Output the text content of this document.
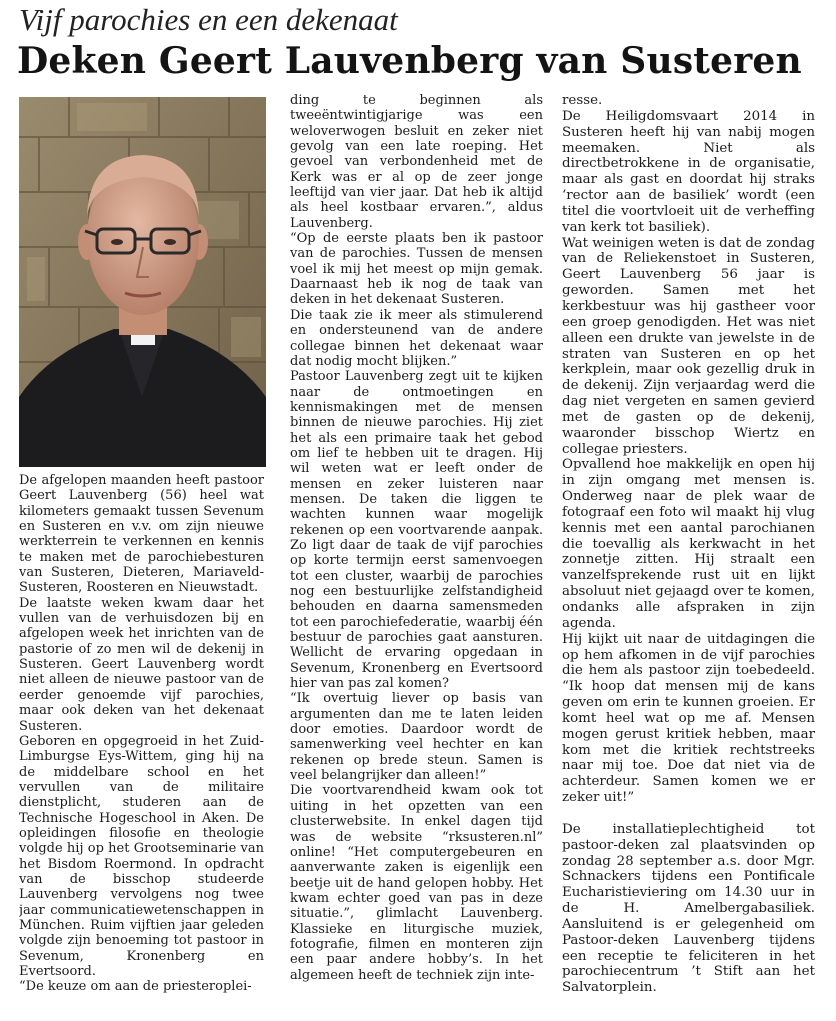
Vijf parochies en een dekenaat
Deken Geert Lauvenberg van Susteren

De afgelopen maanden heeft pastoor Geert Lauvenberg (56) heel wat kilometers gemaakt tussen Sevenum en Susteren en v.v. om zijn nieuwe werkterrein te verkennen en kennis te maken met de parochiebesturen van Susteren, Dieteren, Mariaveld-Susteren, Roosteren en Nieuwstadt.

De laatste weken kwam daar het vullen van de verhuisdozen bij en afgelopen week het inrichten van de pastorie of zo men wil de dekenij in Susteren. Geert Lauvenberg wordt niet alleen de nieuwe pastoor van de eerder genoemde vijf parochies, maar ook deken van het dekenaat Susteren.

Geboren en opgegroeid in het Zuid-Limburgse Eys-Wittem, ging hij na de middelbare school en het vervullen van de militaire dienstplicht, studeren aan de Technische Hogeschool in Aken. De opleidingen filosofie en theologie volgde hij op het Grootseminarie van het Bisdom Roermond. In opdracht van de bisschop studeerde Lauvenberg vervolgens nog twee jaar communicatiewetenschappen in München. Ruim vijftien jaar geleden volgde zijn benoeming tot pastoor in Sevenum, Kronenberg en Evertsoord.

“De keuze om aan de priesteroplei-

ding te beginnen als tweeëntwintigjarige was een weloverwogen besluit en zeker niet gevolg van een late roeping. Het gevoel van verbondenheid met de Kerk was er al op de zeer jonge leeftijd van vier jaar. Dat heb ik altijd als heel kostbaar ervaren.”, aldus Lauvenberg.

“Op de eerste plaats ben ik pastoor van de parochies. Tussen de mensen voel ik mij het meest op mijn gemak. Daarnaast heb ik nog de taak van deken in het dekenaat Susteren.

Die taak zie ik meer als stimulerend en ondersteunend van de andere collegae binnen het dekenaat waar dat nodig mocht blijken.”

Pastoor Lauvenberg zegt uit te kijken naar de ontmoetingen en kennismakingen met de mensen binnen de nieuwe parochies. Hij ziet het als een primaire taak het gebod om lief te hebben uit te dragen. Hij wil weten wat er leeft onder de mensen en zeker luisteren naar mensen. De taken die liggen te wachten kunnen waar mogelijk rekenen op een voortvarende aanpak. Zo ligt daar de taak de vijf parochies op korte termijn eerst samenvoegen tot een cluster, waarbij de parochies nog een bestuurlijke zelfstandigheid behouden en daarna samensmeden tot een parochiefederatie, waarbij één bestuur de parochies gaat aansturen. Wellicht de ervaring opgedaan in Sevenum, Kronenberg en Evertsoord hier van pas zal komen?

“Ik overtuig liever op basis van argumenten dan me te laten leiden door emoties. Daardoor wordt de samenwerking veel hechter en kan rekenen op brede steun. Samen is veel belangrijker dan alleen!”

Die voortvarendheid kwam ook tot uiting in het opzetten van een clusterwebsite. In enkel dagen tijd was de website “rksusteren.nl” online! “Het computergebeuren en aanverwante zaken is eigenlijk een beetje uit de hand gelopen hobby. Het kwam echter goed van pas in deze situatie.”, glimlacht Lauvenberg. Klassieke en liturgische muziek, fotografie, filmen en monteren zijn een paar andere hobby’s. In het algemeen heeft de techniek zijn inte-

resse.

De Heiligdomsvaart 2014 in Susteren heeft hij van nabij mogen meemaken. Niet als directbetrokkene in de organisatie, maar als gast en doordat hij straks ‘rector aan de basiliek’ wordt (een titel die voortvloeit uit de verheffing van kerk tot basiliek).

Wat weinigen weten is dat de zondag van de Reliekenstoet in Susteren, Geert Lauvenberg 56 jaar is geworden. Samen met het kerkbestuur was hij gastheer voor een groep genodigden. Het was niet alleen een drukte van jewelste in de straten van Susteren en op het kerkplein, maar ook gezellig druk in de dekenij. Zijn verjaardag werd die dag niet vergeten en samen gevierd met de gasten op de dekenij, waaronder bisschop Wiertz en collegae priesters.

Opvallend hoe makkelijk en open hij in zijn omgang met mensen is. Onderweg naar de plek waar de fotograaf een foto wil maakt hij vlug kennis met een aantal parochianen die toevallig als kerkwacht in het zonnetje zitten. Hij straalt een vanzelfsprekende rust uit en lijkt absoluut niet gejaagd over te komen, ondanks alle afspraken in zijn agenda.

Hij kijkt uit naar de uitdagingen die op hem afkomen in de vijf parochies die hem als pastoor zijn toebedeeld. “Ik hoop dat mensen mij de kans geven om erin te kunnen groeien. Er komt heel wat op me af. Mensen mogen gerust kritiek hebben, maar kom met die kritiek rechtstreeks naar mij toe. Doe dat niet via de achterdeur. Samen komen we er zeker uit!”

De installatieplechtigheid tot pastoor-deken zal plaatsvinden op zondag 28 september a.s. door Mgr. Schnackers tijdens een Pontificale Eucharistieviering om 14.30 uur in de H. Amelbergabasiliek. Aansluitend is er gelegenheid om Pastoor-deken Lauvenberg tijdens een receptie te feliciteren in het parochiecentrum ’t Stift aan het Salvatorplein.
